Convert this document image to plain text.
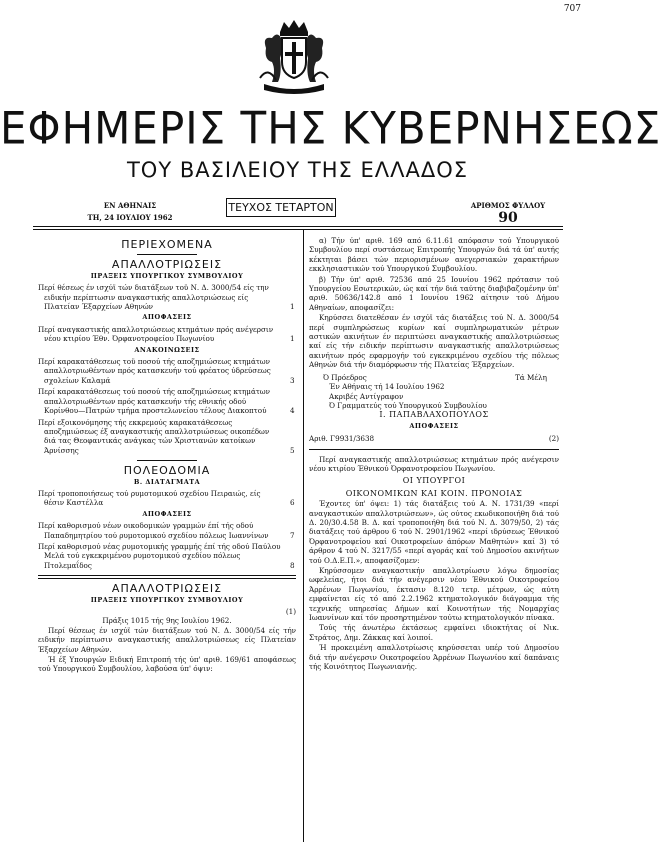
707
ΕΦΗΜΕΡΙΣ ΤΗΣ ΚΥΒΕΡΝΗΣΕΩΣ
ΤΟΥ ΒΑΣΙΛΕΙΟΥ ΤΗΣ ΕΛΛΑΔΟΣ
ΕΝ ΑΘΗΝΑΙΣ
ΤΗ, 24 ΙΟΥΛΙΟΥ 1962
ΤΕΥΧΟΣ ΤΕΤΑΡΤΟΝ	ΑΡΙΘΜΟΣ ΦΥΛΛΟΥ
90
ΠΕΡΙΕΧΟΜΕΝΑ
ΑΠΑΛΛΟΤΡΙΩΣΕΙΣ
ΠΡΑΞΕΙΣ ΥΠΟΥΡΓΙΚΟΥ ΣΥΜΒΟΥΛΙΟΥ
Περί θέσεως έν ισχύϊ τών διατάξεων τοϋ Ν. Δ. 3000/54 είς την ειδικήν περίπτωσιν αναγκαστικής απαλλοτριώσεως είς Πλατείαν Έξαρχείων Αθηνών	1
ΑΠΟΦΑΣΕΙΣ
Περί αναγκαστικής απαλλοτριώσεως κτημάτων πρός ανέγερσιν νέου κτιρίου Έθν. Όρφανοτροφείου Πωγωνίου	1
ΑΝΑΚΟΙΝΩΣΕΙΣ
Περί καρακατάθεσεως τοϋ ποσού τής αποζημιώσεως κτημάτων απαλλοτριωθέντων πρός κατασκευήν τού φρέατος ύδρεύσεως σχολείων Καλαμά	3
Περί καρακατάθεσεως τού ποσού τής αποζημιώσεως κτημάτων απαλλοτριωθέντων πρός κατασκευήν τής εθνικής οδού Κορίνθου—Πατρών τμήμα προστελωνείου τέλους Διακοπτού	4
Περί εξοικονόμησης τής εκκρεμούς καρακατάθεσεως αποζημιώσεως έξ αναγκαστικής απαλλοτριώσεως οικοπέδων διά τας Θεοφαντικάς ανάγκας τών Χριστιανών κατοίκων Άρνίσσης	5
ΠΟΛΕΟΔΟΜΙΑ
Β. ΔΙΑΤΑΓΜΑΤΑ
Περί τροποποιήσεως τού ρυμοτομικού σχεδίου Πειραιώς, είς θέσιν Καστέλλα	6
ΑΠΟΦΑΣΕΙΣ
Περί καθορισμού νέων οικοδομικών γραμμών έπί τής οδού Παπαδημητρίου τού ρυμοτομικού σχεδίου πόλεως Ιωαννίνων	7
Περί καθορισμού νέας ρυμοτομικής γραμμής έπί τής οδού Παύλου Μελά τού εγκεκριμένου ρυμοτομικού σχεδίου πόλεως Πτολεμαΐδος	8
ΑΠΑΛΛΟΤΡΙΩΣΕΙΣ
ΠΡΑΞΕΙΣ ΥΠΟΥΡΓΙΚΟΥ ΣΥΜΒΟΥΛΙΟΥ
(1)
Πράξις 1015 τής 9ης Ιουλίου 1962.
Περί θέσεως έν ισχύϊ τών διατάξεων τού Ν. Δ. 3000/54 είς τήν ειδικήν περίπτωσιν αναγκαστικής απαλλοτριώσεως είς Πλατείαν Έξαρχείων Αθηνών.
Ή έξ Υπουργών Ειδική Επιτροπή τής ύπ' αριθ. 169/61 αποφάσεως τού Υπουργικού Συμβουλίου, λαβούσα ύπ' όψιν:
α) Τήν ύπ' αριθ. 169 από 6.11.61 απόφασιν τού Υπουργικού Συμβουλίου περί συστάσεως Επιτροπής Υπουργών διά τά ύπ' αυτής κέκτηται βάσει τών περιορισμένων ανεγερσιακών χαρακτήρων εκκλησιαστικών τού Υπουργικού Συμβουλίου.
β) Τήν ύπ' αριθ. 72536 από 25 Ιουνίου 1962 πρότασιν τού Υπουργείου Εσωτερικών, ώς καί τήν διά ταύτης διαβιβαζομένην ύπ' αριθ. 50636/142.8 από 1 Ιουνίου 1962 αίτησιν τού Δήμου Αθηναίων, αποφασίζει:
Κηρύσσει διατεθέσαν έν ισχύϊ τάς διατάξεις τού Ν. Δ. 3000/54 περί συμπληρώσεως κυρίων καί συμπληρωματικών μέτρων αστικών ακινήτων έν περιπτώσει αναγκαστικής απαλλοτριώσεως καί είς τήν ειδικήν περίπτωσιν αναγκαστικής απαλλοτριώσεως ακινήτων πρός εφαρμογήν τού εγκεκριμένου σχεδίου τής πόλεως Αθηνών διά τήν διαμόρφωσιν τής Πλατείας Έξαρχείων.
Ό Πρόεδρος	Τά Μέλη
Έν Αθήναις τή 14 Ιουλίου 1962
Ακριβές Αντίγραφον
Ό Γραμματεύς τού Υπουργικού Συμβουλίου
Ι. ΠΑΠΑΒΛΑΧΟΠΟΥΛΟΣ
ΑΠΟΦΑΣΕΙΣ
Αριθ. Γ9931/3638	(2)
Περί αναγκαστικής απαλλοτριώσεως κτημάτων πρός ανέγερσιν νέου κτιρίου Έθνικού Όρφανοτροφείου Πωγωνίου.
ΟΙ ΥΠΟΥΡΓΟΙ
ΟΙΚΟΝΟΜΙΚΩΝ ΚΑΙ ΚΟΙΝ. ΠΡΟΝΟΙΑΣ
Έχοντες ύπ' όψει: 1) τάς διατάξεις τού Α. Ν. 1731/39 «περί αναγκαστικών απαλλοτριώσεων», ώς ούτος εκωδικοποιήθη διά τού Δ. 20/30.4.58 Β. Δ. καί τροποποιήθη διά τού Ν. Δ. 3079/50, 2) τάς διατάξεις τού άρθρου 6 τού Ν. 2901/1962 «περί ιδρύσεως Έθνικού Όρφανοτροφείου καί Οικοτροφείων άπόρων Μαθητών» καί 3) τό άρθρον 4 τού Ν. 3217/55 «περί αγοράς καί τού Δημοσίου ακινήτων τού Ο.Δ.Ε.Π.», αποφασίζομεν:
Κηρύσσομεν αναγκαστικήν απαλλοτρίωσιν λόγω δημοσίας ωφελείας, ήτοι διά τήν ανέγερσιν νέου Έθνικού Οικοτροφείου Άρρένων Πωγωνίου, έκτασιν 8.120 τετρ. μέτρων, ώς αύτη εμφαίνεται είς τό από 2.2.1962 κτηματολογικόν διάγραμμα τής τεχνικής υπηρεσίας Δήμων καί Κοινοτήτων τής Νομαρχίας Ιωαννίνων καί τόν προσηρτημένον τούτω κτηματολογικόν πίνακα.
Τούς τής άνωτέρω έκτάσεως εμφαίνει ιδιοκτήτας οί Νικ. Στράτος, Δημ. Ζάκκας καί λοιποί.
Ή προκειμένη απαλλοτρίωσις κηρύσσεται υπέρ τού Δημοσίου διά τήν ανέγερσιν Οικοτροφείου Άρρένων Πωγωνίου καί δαπάναις τής Κοινότητος Πωγωνιανής.
